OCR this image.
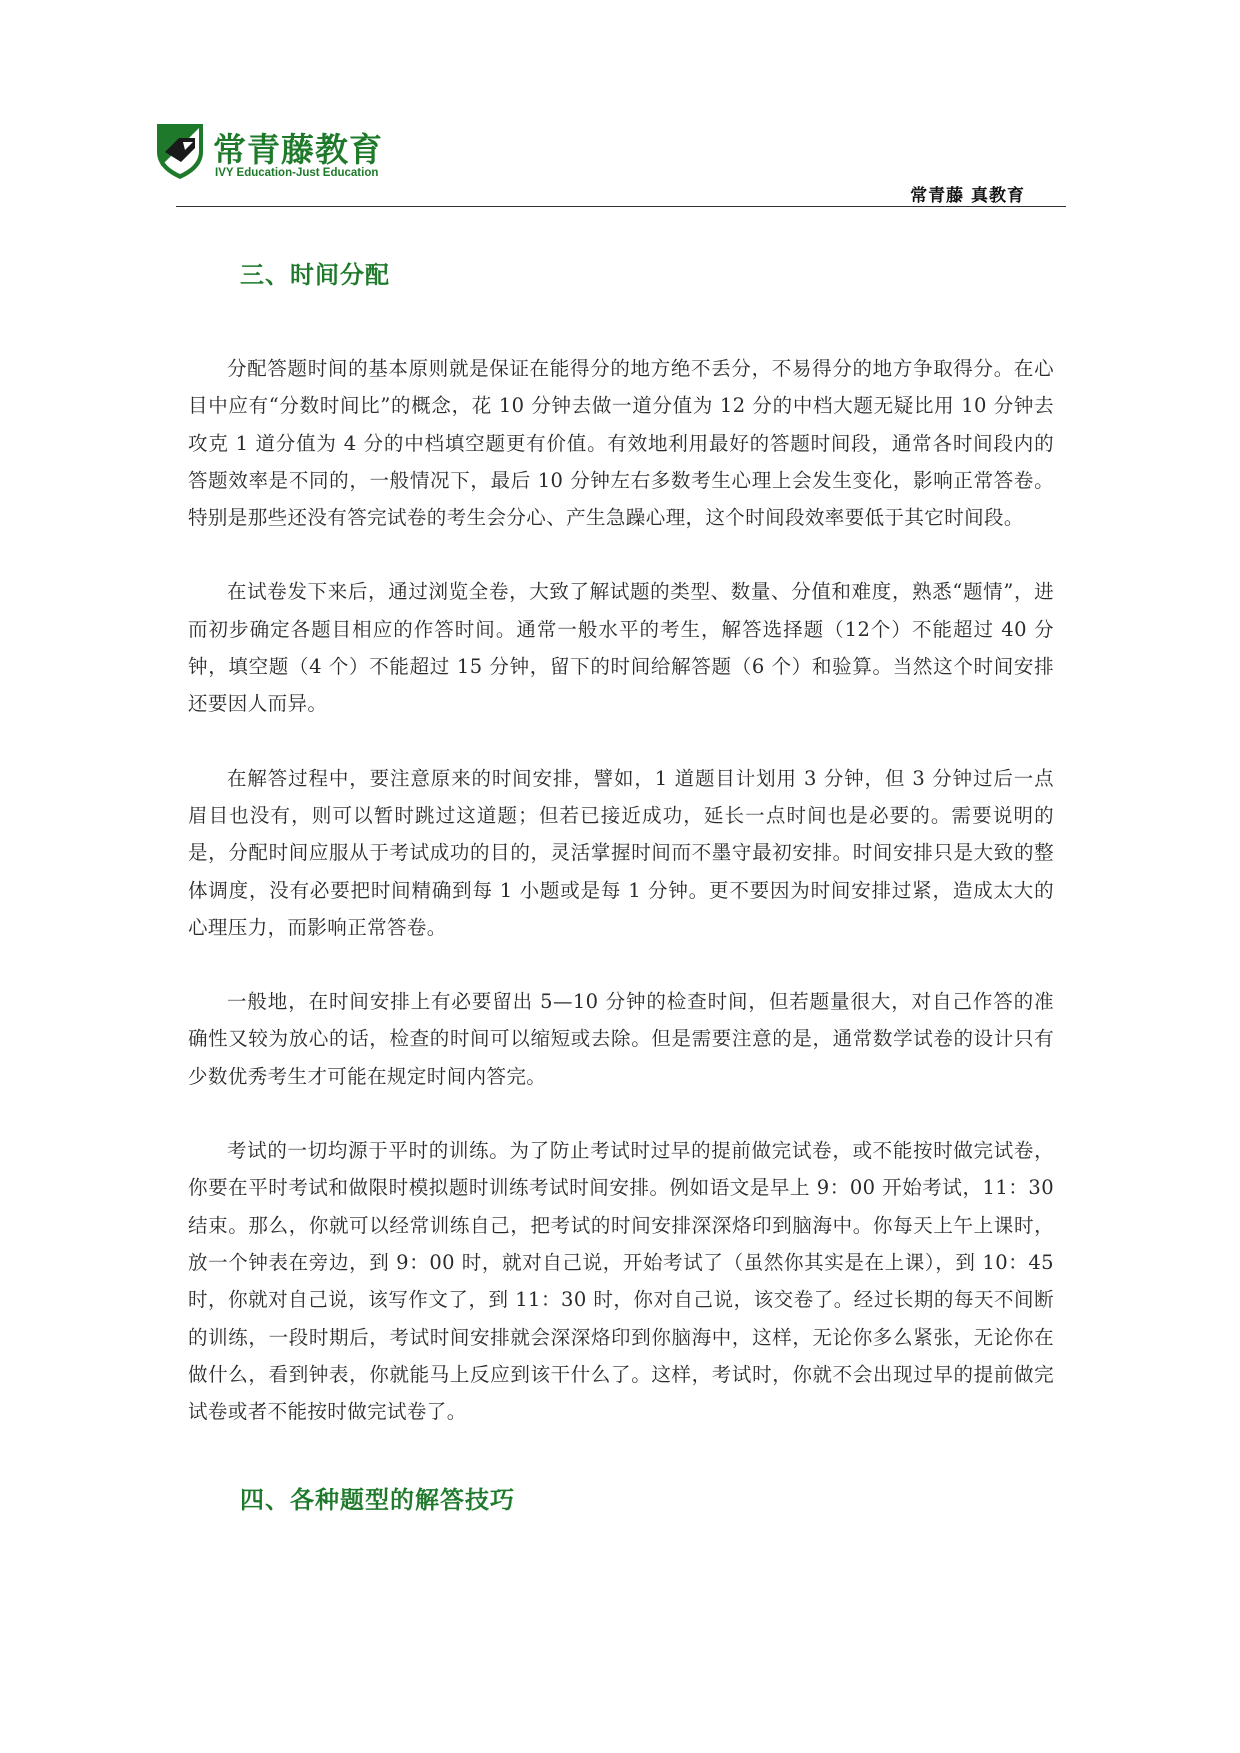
常青藤教育
IVY Education-Just Education
常青藤 真教育
三、时间分配

分配答题时间的基本原则就是保证在能得分的地方绝不丢分，不易得分的地方争取得分。在心目中应有“分数时间比”的概念，花 10 分钟去做一道分值为 12 分的中档大题无疑比用 10 分钟去攻克 1 道分值为 4 分的中档填空题更有价值。有效地利用最好的答题时间段，通常各时间段内的答题效率是不同的，一般情况下，最后 10 分钟左右多数考生心理上会发生变化，影响正常答卷。特别是那些还没有答完试卷的考生会分心、产生急躁心理，这个时间段效率要低于其它时间段。

在试卷发下来后，通过浏览全卷，大致了解试题的类型、数量、分值和难度，熟悉“题情”，进而初步确定各题目相应的作答时间。通常一般水平的考生，解答选择题（12个）不能超过 40 分钟，填空题（4 个）不能超过 15 分钟，留下的时间给解答题（6 个）和验算。当然这个时间安排还要因人而异。

在解答过程中，要注意原来的时间安排，譬如，1 道题目计划用 3 分钟，但 3 分钟过后一点眉目也没有，则可以暂时跳过这道题；但若已接近成功，延长一点时间也是必要的。需要说明的是，分配时间应服从于考试成功的目的，灵活掌握时间而不墨守最初安排。时间安排只是大致的整体调度，没有必要把时间精确到每 1 小题或是每 1 分钟。更不要因为时间安排过紧，造成太大的心理压力，而影响正常答卷。

一般地，在时间安排上有必要留出 5—10 分钟的检查时间，但若题量很大，对自己作答的准确性又较为放心的话，检查的时间可以缩短或去除。但是需要注意的是，通常数学试卷的设计只有少数优秀考生才可能在规定时间内答完。

考试的一切均源于平时的训练。为了防止考试时过早的提前做完试卷，或不能按时做完试卷，你要在平时考试和做限时模拟题时训练考试时间安排。例如语文是早上 9：00 开始考试，11：30 结束。那么，你就可以经常训练自己，把考试的时间安排深深烙印到脑海中。你每天上午上课时，放一个钟表在旁边，到 9：00 时，就对自己说，开始考试了（虽然你其实是在上课），到 10：45 时，你就对自己说，该写作文了，到 11：30 时，你对自己说，该交卷了。经过长期的每天不间断的训练，一段时期后，考试时间安排就会深深烙印到你脑海中，这样，无论你多么紧张，无论你在做什么，看到钟表，你就能马上反应到该干什么了。这样，考试时，你就不会出现过早的提前做完试卷或者不能按时做完试卷了。

四、各种题型的解答技巧
